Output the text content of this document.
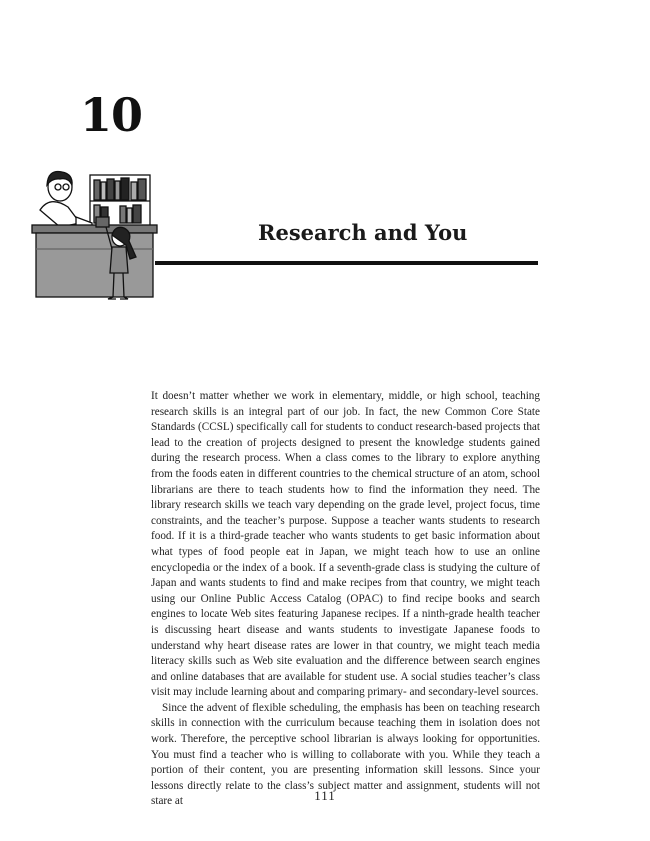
10
Research and You

It doesn’t matter whether we work in elementary, middle, or high school, teaching research skills is an integral part of our job. In fact, the new Common Core State Standards (CCSL) specifically call for students to conduct research-based projects that lead to the creation of projects designed to present the knowledge students gained during the research process. When a class comes to the library to explore anything from the foods eaten in different countries to the chemical structure of an atom, school librarians are there to teach students how to find the information they need. The library research skills we teach vary depending on the grade level, project focus, time constraints, and the teacher’s purpose. Suppose a teacher wants students to research food. If it is a third-grade teacher who wants students to get basic information about what types of food people eat in Japan, we might teach how to use an online encyclopedia or the index of a book. If a seventh-grade class is studying the culture of Japan and wants students to find and make recipes from that country, we might teach using our Online Public Access Catalog (OPAC) to find recipe books and search engines to locate Web sites featuring Japanese recipes. If a ninth-grade health teacher is discussing heart disease and wants students to investigate Japanese foods to understand why heart disease rates are lower in that country, we might teach media literacy skills such as Web site evaluation and the difference between search engines and online databases that are available for student use. A social studies teacher’s class visit may include learning about and comparing primary- and secondary-level sources.

Since the advent of flexible scheduling, the emphasis has been on teaching research skills in connection with the curriculum because teaching them in isolation does not work. Therefore, the perceptive school librarian is always looking for opportunities. You must find a teacher who is willing to collaborate with you. While they teach a portion of their content, you are presenting information skill lessons. Since your lessons directly relate to the class’s subject matter and assignment, students will not stare at	111
